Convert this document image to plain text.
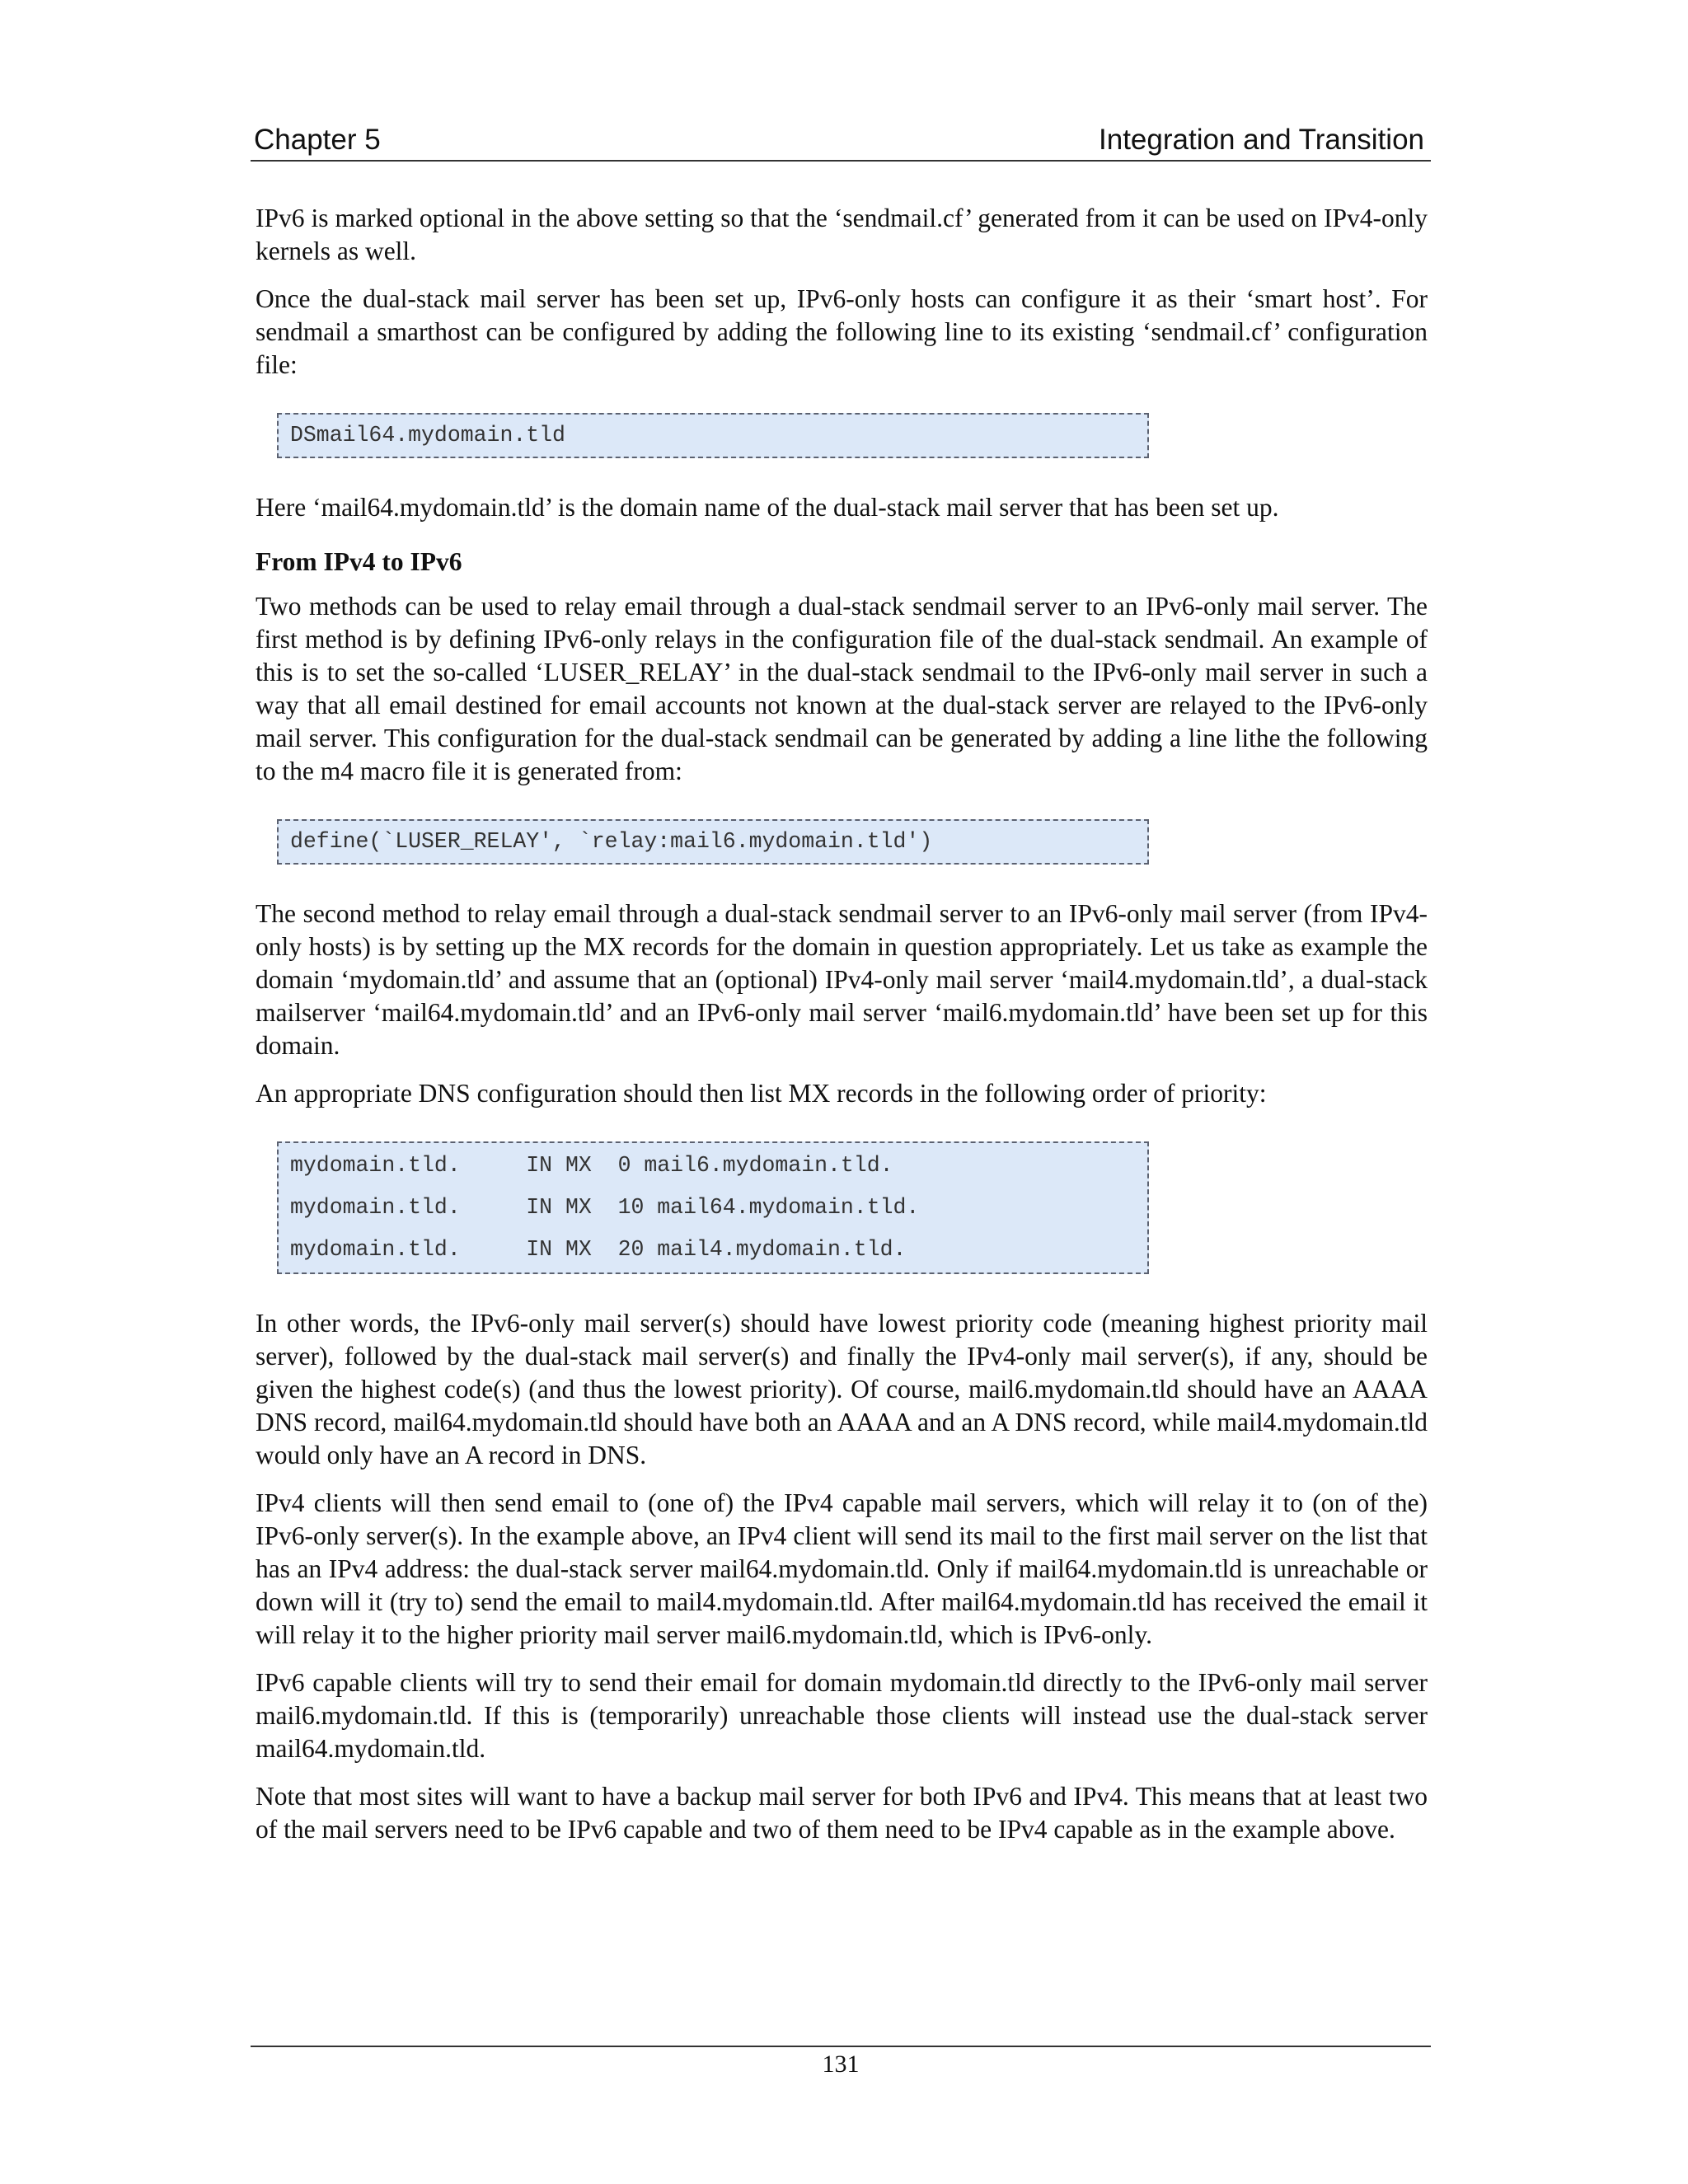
Chapter 5	Integration and Transition

IPv6 is marked optional in the above setting so that the ‘sendmail.cf’ generated from it can be used on IPv4-only kernels as well.

Once the dual-stack mail server has been set up, IPv6-only hosts can configure it as their ‘smart host’. For sendmail a smarthost can be configured by adding the following line to its existing ‘sendmail.cf’ configuration file:

DSmail64.mydomain.tld

Here ‘mail64.mydomain.tld’ is the domain name of the dual-stack mail server that has been set up.

From IPv4 to IPv6

Two methods can be used to relay email through a dual-stack sendmail server to an IPv6-only mail server. The first method is by defining IPv6-only relays in the configuration file of the dual-stack sendmail. An example of this is to set the so-called ‘LUSER_RELAY’ in the dual-stack sendmail to the IPv6-only mail server in such a way that all email destined for email accounts not known at the dual-stack server are relayed to the IPv6-only mail server. This configuration for the dual-stack sendmail can be generated by adding a line lithe the following to the m4 macro file it is generated from:

define(`LUSER_RELAY', `relay:mail6.mydomain.tld')

The second method to relay email through a dual-stack sendmail server to an IPv6-only mail server (from IPv4-only hosts) is by setting up the MX records for the domain in question appropriately. Let us take as example the domain ‘mydomain.tld’ and assume that an (optional) IPv4-only mail server ‘mail4.mydomain.tld’, a dual-stack mailserver ‘mail64.mydomain.tld’ and an IPv6-only mail server ‘mail6.mydomain.tld’ have been set up for this domain.

An appropriate DNS configuration should then list MX records in the following order of priority:

mydomain.tld.     IN MX  0 mail6.mydomain.tld.
mydomain.tld.     IN MX  10 mail64.mydomain.tld.
mydomain.tld.     IN MX  20 mail4.mydomain.tld.

In other words, the IPv6-only mail server(s) should have lowest priority code (meaning highest priority mail server), followed by the dual-stack mail server(s) and finally the IPv4-only mail server(s), if any, should be given the highest code(s) (and thus the lowest priority). Of course, mail6.mydomain.tld should have an AAAA DNS record, mail64.mydomain.tld should have both an AAAA and an A DNS record, while mail4.mydomain.tld would only have an A record in DNS.

IPv4 clients will then send email to (one of) the IPv4 capable mail servers, which will relay it to (on of the) IPv6-only server(s). In the example above, an IPv4 client will send its mail to the first mail server on the list that has an IPv4 address: the dual-stack server mail64.mydomain.tld. Only if mail64.mydomain.tld is unreachable or down will it (try to) send the email to mail4.mydomain.tld. After mail64.mydomain.tld has received the email it will relay it to the higher priority mail server mail6.mydomain.tld, which is IPv6-only.

IPv6 capable clients will try to send their email for domain mydomain.tld directly to the IPv6-only mail server mail6.mydomain.tld. If this is (temporarily) unreachable those clients will instead use the dual-stack server mail64.mydomain.tld.

Note that most sites will want to have a backup mail server for both IPv6 and IPv4. This means that at least two of the mail servers need to be IPv6 capable and two of them need to be IPv4 capable as in the example above.

131
